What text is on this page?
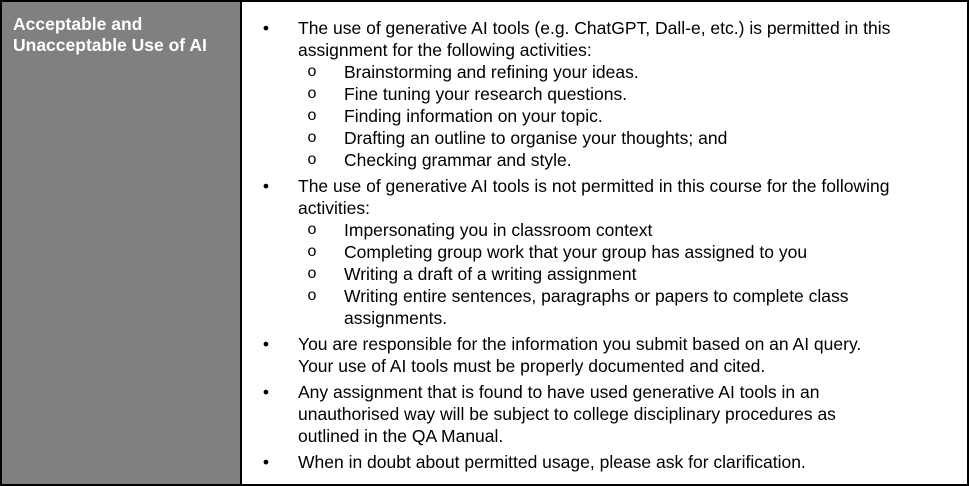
Acceptable and
Unacceptable Use of AI
• The use of generative AI tools (e.g. ChatGPT, Dall-e, etc.) is permitted in this
assignment for the following activities:
o Brainstorming and refining your ideas.
o Fine tuning your research questions.
o Finding information on your topic.
o Drafting an outline to organise your thoughts; and
o Checking grammar and style.
• The use of generative AI tools is not permitted in this course for the following
activities:
o Impersonating you in classroom context
o Completing group work that your group has assigned to you
o Writing a draft of a writing assignment
o Writing entire sentences, paragraphs or papers to complete class
assignments.
• You are responsible for the information you submit based on an AI query.
Your use of AI tools must be properly documented and cited.
• Any assignment that is found to have used generative AI tools in an
unauthorised way will be subject to college disciplinary procedures as
outlined in the QA Manual.
• When in doubt about permitted usage, please ask for clarification.
